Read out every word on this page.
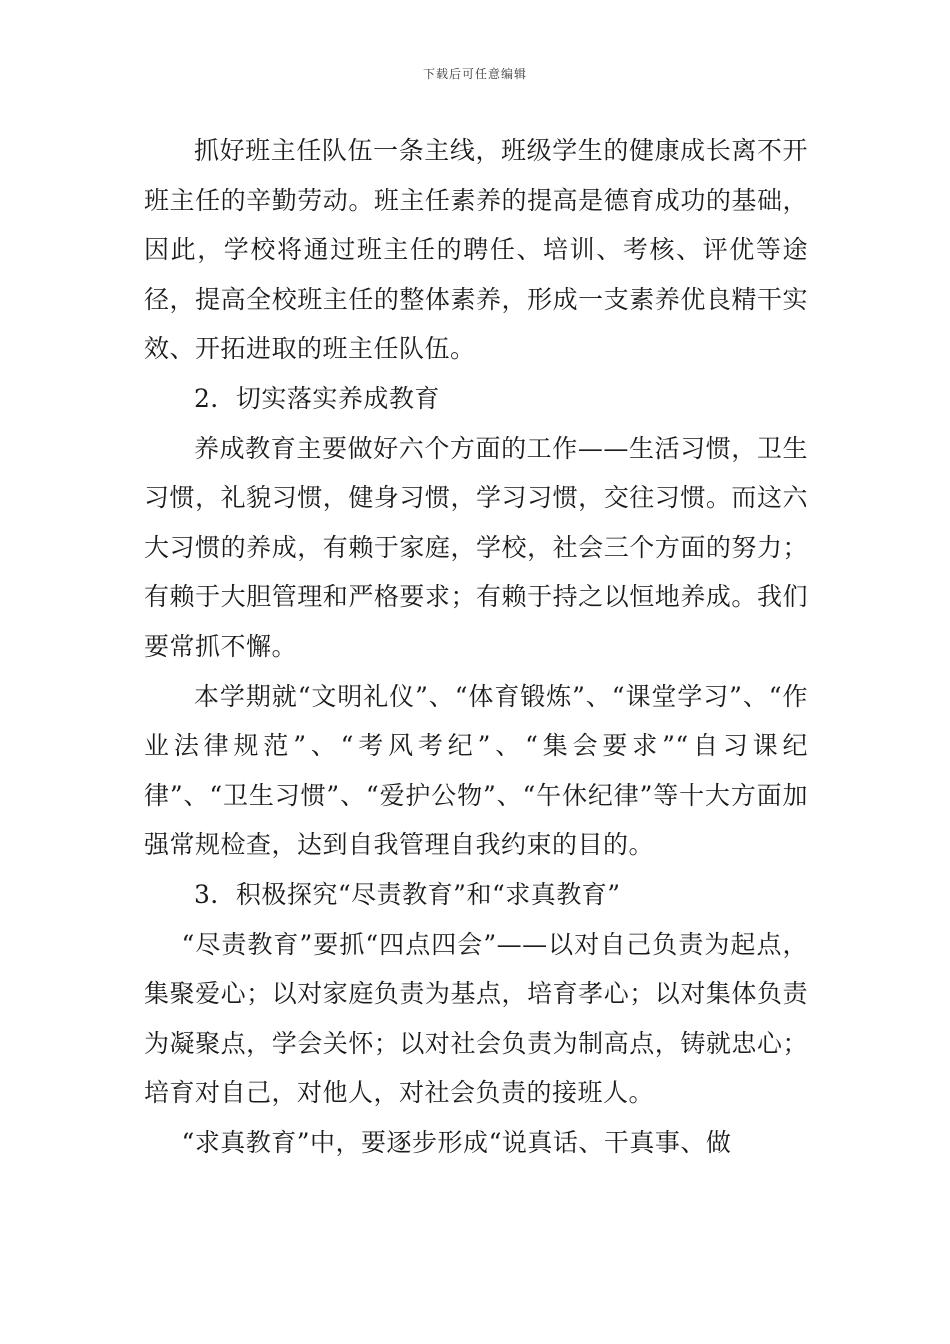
下载后可任意编辑

抓好班主任队伍一条主线，班级学生的健康成长离不开班主任的辛勤劳动。班主任素养的提高是德育成功的基础，因此，学校将通过班主任的聘任、培训、考核、评优等途径，提高全校班主任的整体素养，形成一支素养优良精干实效、开拓进取的班主任队伍。

2．切实落实养成教育

养成教育主要做好六个方面的工作——生活习惯，卫生习惯，礼貌习惯，健身习惯，学习习惯，交往习惯。而这六大习惯的养成，有赖于家庭，学校，社会三个方面的努力；有赖于大胆管理和严格要求；有赖于持之以恒地养成。我们要常抓不懈。

本学期就“文明礼仪”、“体育锻炼”、“课堂学习”、“作业法律规范”、“考风考纪”、“集会要求”“自习课纪律”、“卫生习惯”、“爱护公物”、“午休纪律”等十大方面加强常规检查，达到自我管理自我约束的目的。

3．积极探究“尽责教育”和“求真教育”

“尽责教育”要抓“四点四会”——以对自己负责为起点，集聚爱心；以对家庭负责为基点，培育孝心；以对集体负责为凝聚点，学会关怀；以对社会负责为制高点，铸就忠心；培育对自己，对他人，对社会负责的接班人。

“求真教育”中，要逐步形成“说真话、干真事、做
